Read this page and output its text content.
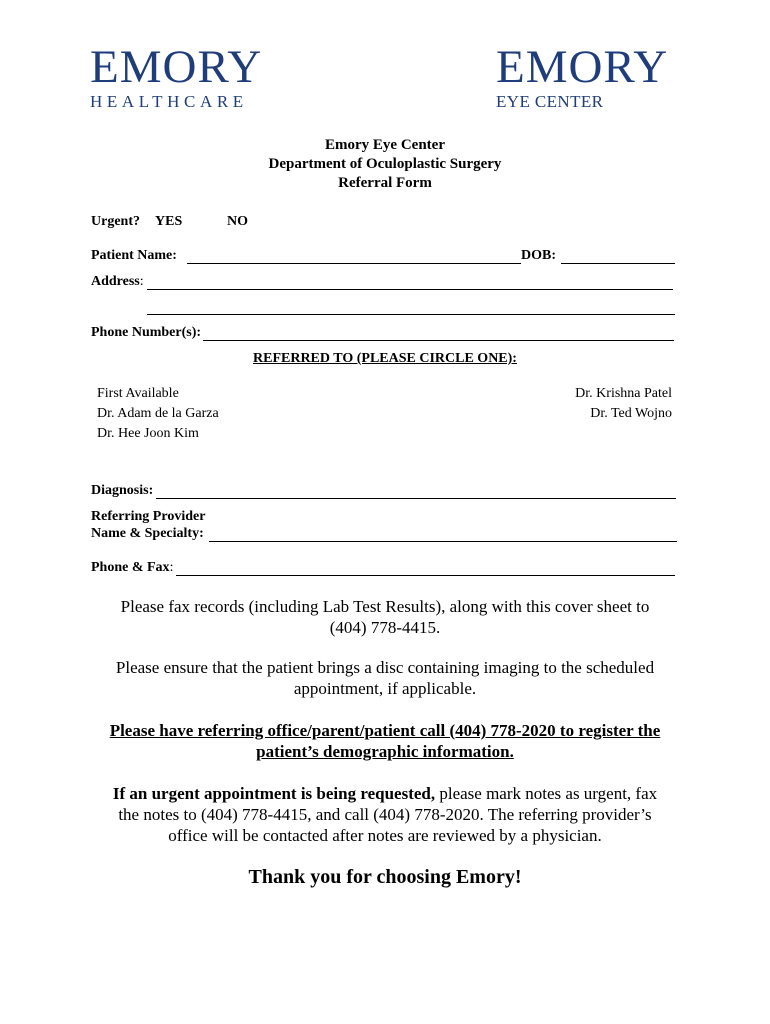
EMORY
HEALTHCARE
EMORY
EYE CENTER
Emory Eye Center
Department of Oculoplastic Surgery
Referral Form
Urgent? YES	NO
Patient Name:	DOB:
Address:
Phone Number(s):
REFERRED TO (PLEASE CIRCLE ONE):
First Available
Dr. Adam de la Garza
Dr. Hee Joon Kim
Dr. Krishna Patel
Dr. Ted Wojno
Diagnosis:
Referring Provider
Name & Specialty:
Phone & Fax:
Please fax records (including Lab Test Results), along with this cover sheet to
(404) 778-4415.
Please ensure that the patient brings a disc containing imaging to the scheduled
appointment, if applicable.
Please have referring office/parent/patient call (404) 778-2020 to register the
patient’s demographic information.
If an urgent appointment is being requested, please mark notes as urgent, fax
the notes to (404) 778-4415, and call (404) 778-2020. The referring provider’s
office will be contacted after notes are reviewed by a physician.
Thank you for choosing Emory!
